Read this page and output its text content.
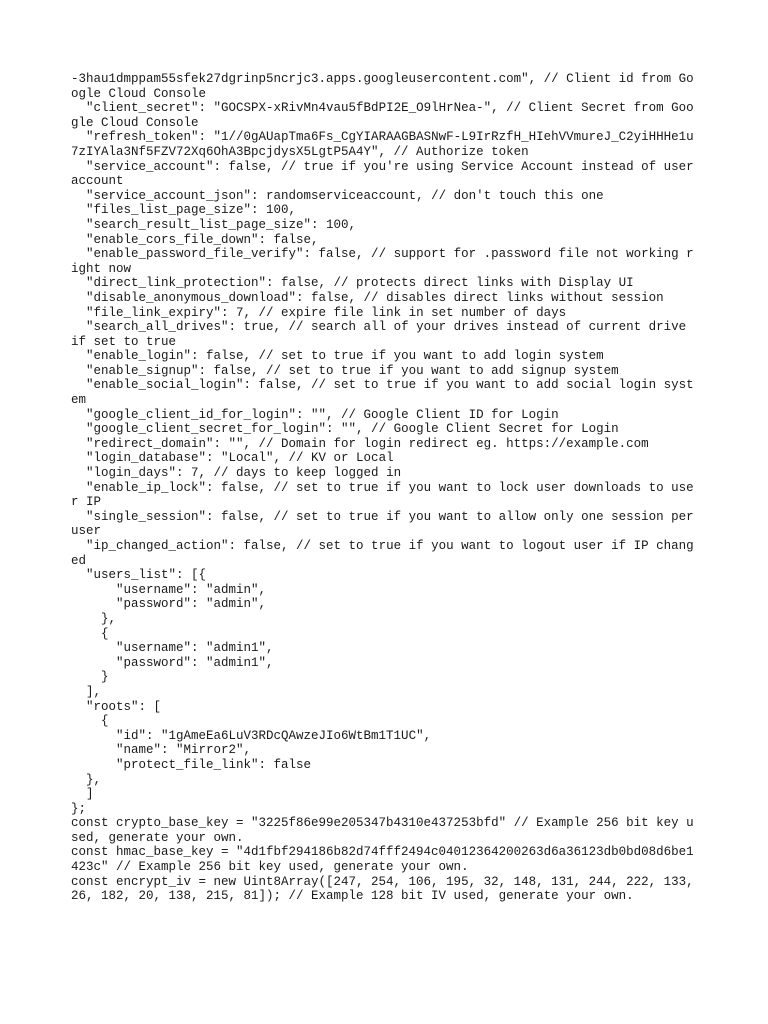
-3hau1dmppam55sfek27dgrinp5ncrjc3.apps.googleusercontent.com", // Client id from Google Cloud Console
"client_secret": "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", // Client Secret from Google Cloud Console
"refresh_token": "1//0gAUapTma6Fs_CgYIARAAGBASNwF-L9IrRzfH_HIehVVmureJ_C2yiHHHe1u7zIYAla3Nf5FZV72Xq6OhA3BpcjdysX5LgtP5A4Y", // Authorize token
"service_account": false, // true if you're using Service Account instead of user account
"service_account_json": randomserviceaccount, // don't touch this one
"files_list_page_size": 100,
"search_result_list_page_size": 100,
"enable_cors_file_down": false,
"enable_password_file_verify": false, // support for .password file not working right now
"direct_link_protection": false, // protects direct links with Display UI
"disable_anonymous_download": false, // disables direct links without session
"file_link_expiry": 7, // expire file link in set number of days
"search_all_drives": true, // search all of your drives instead of current drive if set to true
"enable_login": false, // set to true if you want to add login system
"enable_signup": false, // set to true if you want to add signup system
"enable_social_login": false, // set to true if you want to add social login system
"google_client_id_for_login": "", // Google Client ID for Login
"google_client_secret_for_login": "", // Google Client Secret for Login
"redirect_domain": "", // Domain for login redirect eg. https://example.com
"login_database": "Local", // KV or Local
"login_days": 7, // days to keep logged in
"enable_ip_lock": false, // set to true if you want to lock user downloads to user IP
"single_session": false, // set to true if you want to allow only one session per user
"ip_changed_action": false, // set to true if you want to logout user if IP changed
"users_list": [{
"username": "admin",
"password": "admin",
},
{
"username": "admin1",
"password": "admin1",
}
],
"roots": [
{
"id": "1gAmeEa6LuV3RDcQAwzeJIo6WtBm1T1UC",
"name": "Mirror2",
"protect_file_link": false
},
]
};
const crypto_base_key = "3225f86e99e205347b4310e437253bfd" // Example 256 bit key used, generate your own.
const hmac_base_key = "4d1fbf294186b82d74fff2494c04012364200263d6a36123db0bd08d6be1423c" // Example 256 bit key used, generate your own.
const encrypt_iv = new Uint8Array([247, 254, 106, 195, 32, 148, 131, 244, 222, 133, 26, 182, 20, 138, 215, 81]); // Example 128 bit IV used, generate your own.
